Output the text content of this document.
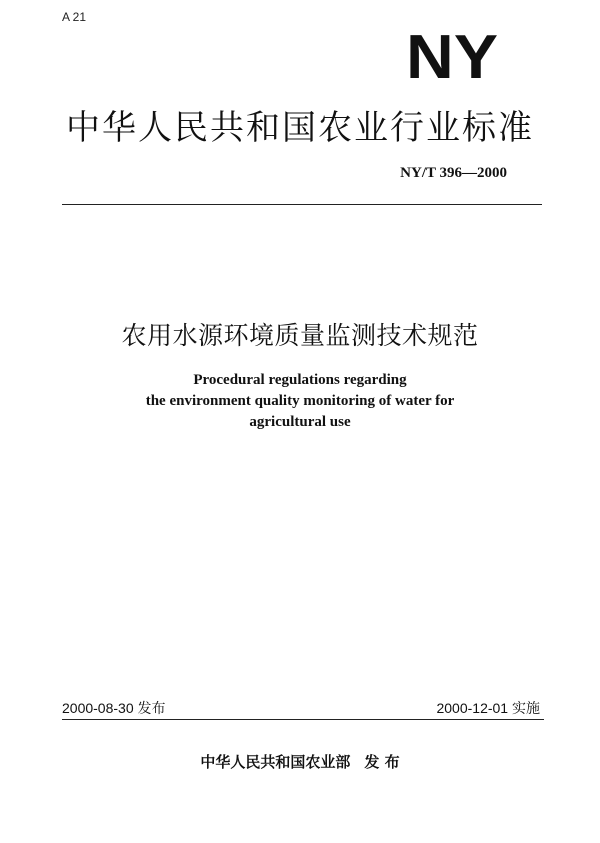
A 21
NY
中华人民共和国农业行业标准
NY/T 396—2000
农用水源环境质量监测技术规范
Procedural regulations regarding
the environment quality monitoring of water for
agricultural use
2000-08-30 发布	2000-12-01 实施
中华人民共和国农业部 发 布
